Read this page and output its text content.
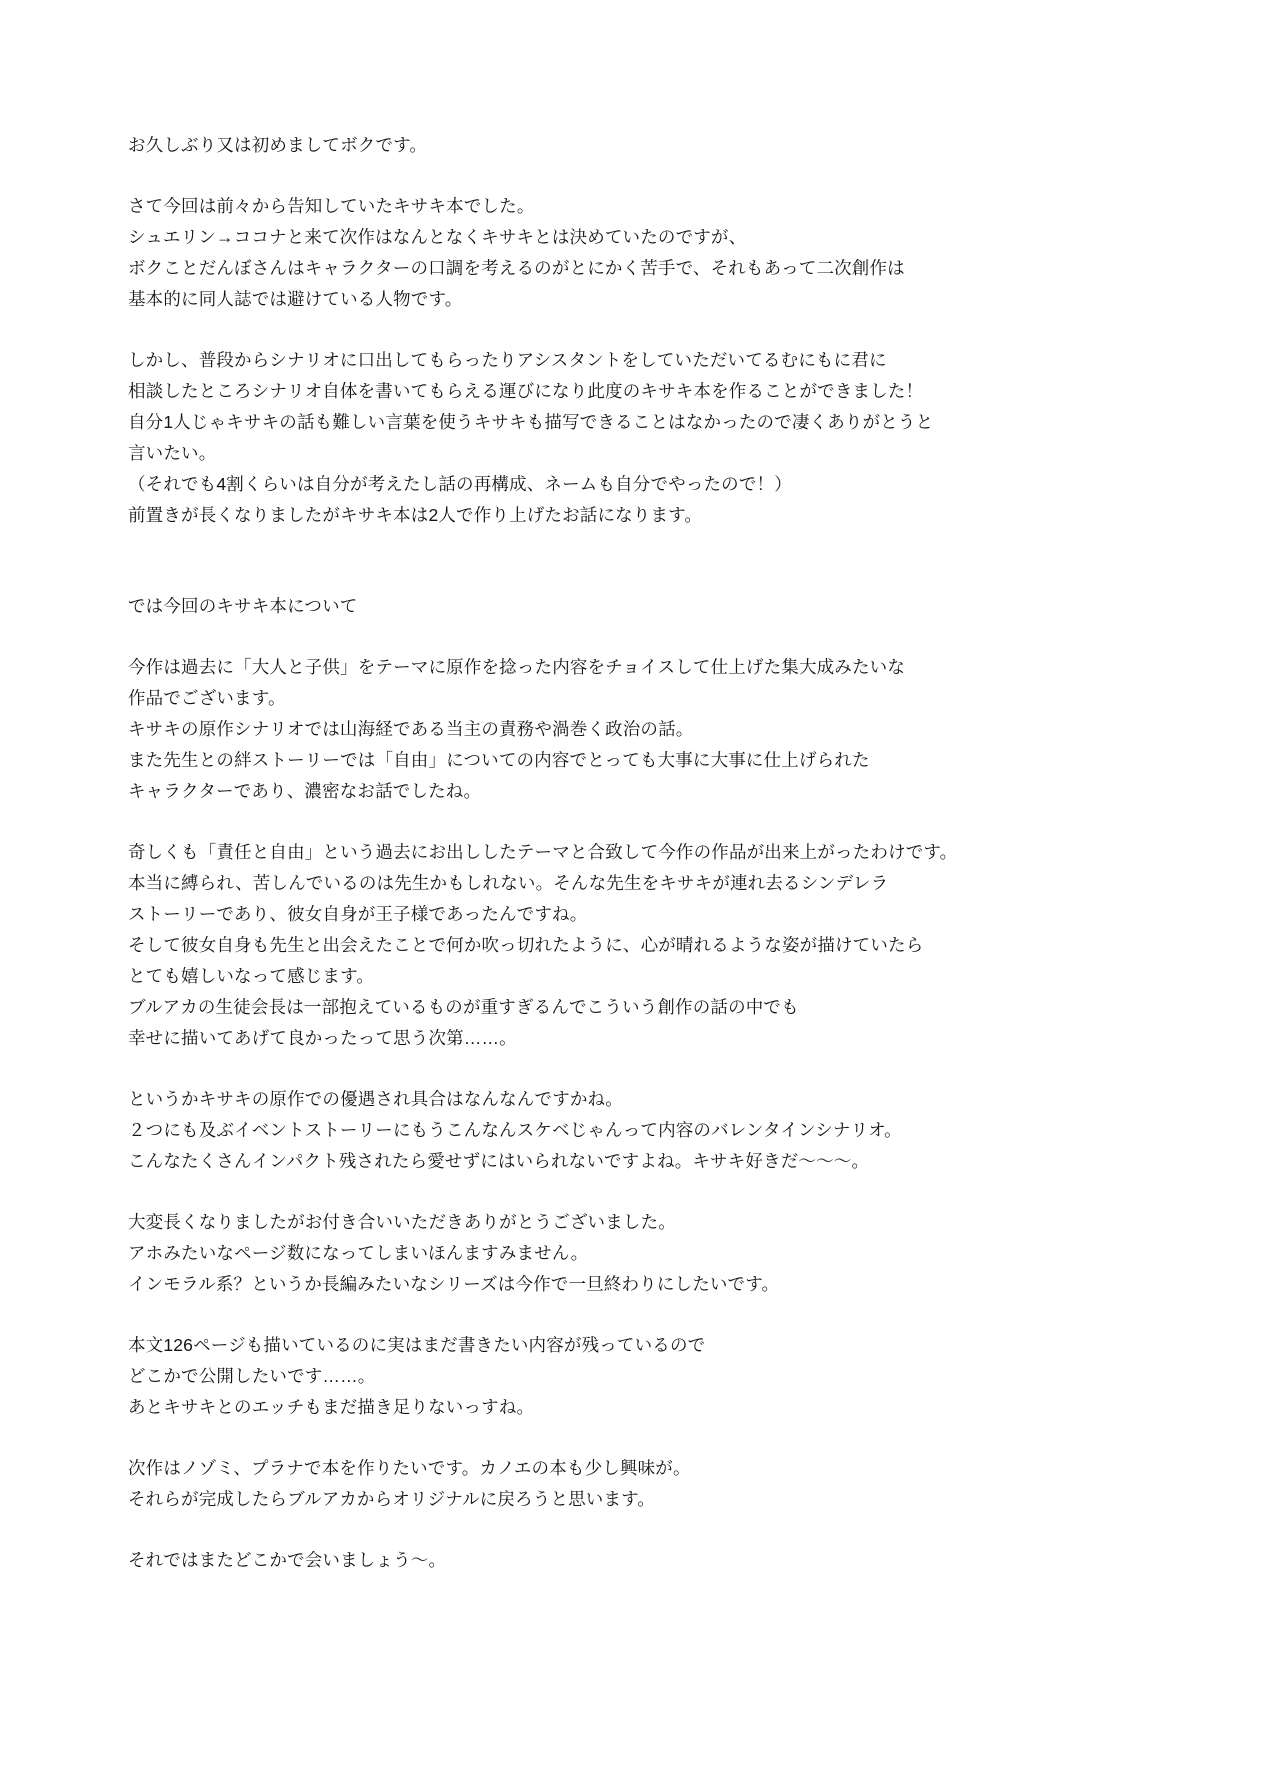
お久しぶり又は初めましてボクです。
さて今回は前々から告知していたキサキ本でした。
シュエリン→ココナと来て次作はなんとなくキサキとは決めていたのですが、
ボクことだんぼさんはキャラクターの口調を考えるのがとにかく苦手で、それもあって二次創作は
基本的に同人誌では避けている人物です。
しかし、普段からシナリオに口出してもらったりアシスタントをしていただいてるむにもに君に
相談したところシナリオ自体を書いてもらえる運びになり此度のキサキ本を作ることができました！
自分1人じゃキサキの話も難しい言葉を使うキサキも描写できることはなかったので凄くありがとうと
言いたい。
（それでも4割くらいは自分が考えたし話の再構成、ネームも自分でやったので！）
前置きが長くなりましたがキサキ本は2人で作り上げたお話になります。
では今回のキサキ本について
今作は過去に「大人と子供」をテーマに原作を捻った内容をチョイスして仕上げた集大成みたいな
作品でございます。
キサキの原作シナリオでは山海経である当主の責務や渦巻く政治の話。
また先生との絆ストーリーでは「自由」についての内容でとっても大事に大事に仕上げられた
キャラクターであり、濃密なお話でしたね。
奇しくも「責任と自由」という過去にお出ししたテーマと合致して今作の作品が出来上がったわけです。
本当に縛られ、苦しんでいるのは先生かもしれない。そんな先生をキサキが連れ去るシンデレラ
ストーリーであり、彼女自身が王子様であったんですね。
そして彼女自身も先生と出会えたことで何か吹っ切れたように、心が晴れるような姿が描けていたら
とても嬉しいなって感じます。
ブルアカの生徒会長は一部抱えているものが重すぎるんでこういう創作の話の中でも
幸せに描いてあげて良かったって思う次第……。
というかキサキの原作での優遇され具合はなんなんですかね。
２つにも及ぶイベントストーリーにもうこんなんスケベじゃんって内容のバレンタインシナリオ。
こんなたくさんインパクト残されたら愛せずにはいられないですよね。キサキ好きだ〜〜〜。
大変長くなりましたがお付き合いいただきありがとうございました。
アホみたいなページ数になってしまいほんますみません。
インモラル系？というか長編みたいなシリーズは今作で一旦終わりにしたいです。
本文126ページも描いているのに実はまだ書きたい内容が残っているので
どこかで公開したいです……。
あとキサキとのエッチもまだ描き足りないっすね。
次作はノゾミ、プラナで本を作りたいです。カノエの本も少し興味が。
それらが完成したらブルアカからオリジナルに戻ろうと思います。
それではまたどこかで会いましょう〜。
